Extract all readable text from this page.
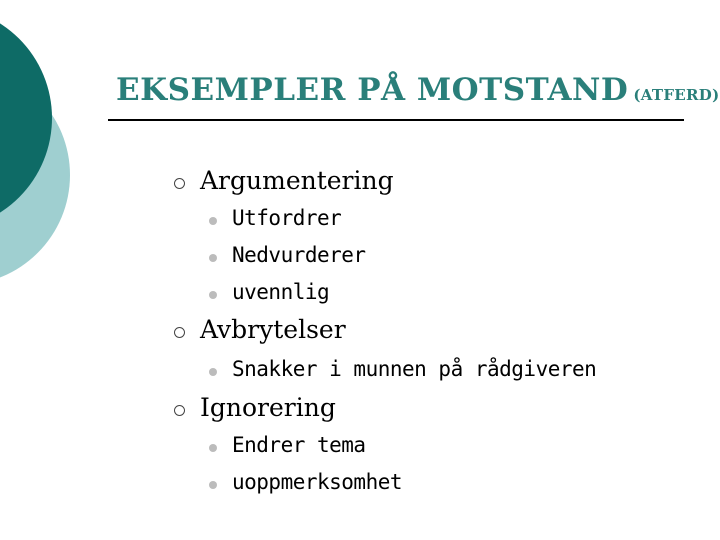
EKSEMPLER PÅ MOTSTAND (ATFERD)
Argumentering
Utfordrer
Nedvurderer
uvennlig
Avbrytelser
Snakker i munnen på rådgiveren
Ignorering
Endrer tema
uoppmerksomhet
